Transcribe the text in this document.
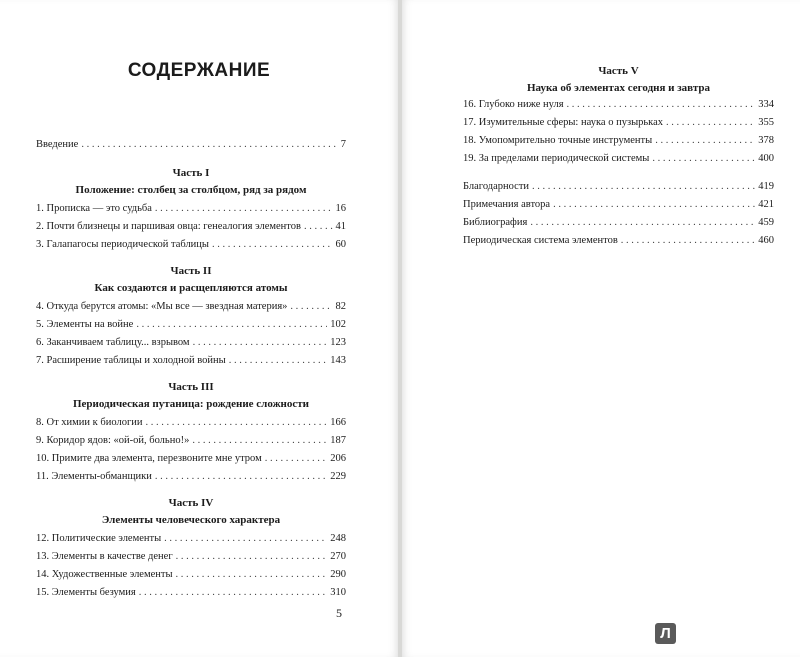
СОДЕРЖАНИЕ
Введение . . .	7
Часть I
Положение: столбец за столбцом, ряд за рядом
1. Прописка — это судьба . . .	16
2. Почти близнецы и паршивая овца: генеалогия элементов . . .	41
3. Галапагосы периодической таблицы . . .	60
Часть II
Как создаются и расщепляются атомы
4. Откуда берутся атомы: «Мы все — звездная материя» . . .	82
5. Элементы на войне . . .	102
6. Заканчиваем таблицу... взрывом . . .	123
7. Расширение таблицы и холодной войны . . .	143
Часть III
Периодическая путаница: рождение сложности
8. От химии к биологии . . .	166
9. Коридор ядов: «ой-ой, больно!» . . .	187
10. Примите два элемента, перезвоните мне утром . . .	206
11. Элементы-обманщики . . .	229
Часть IV
Элементы человеческого характера
12. Политические элементы . . .	248
13. Элементы в качестве денег . . .	270
14. Художественные элементы . . .	290
15. Элементы безумия . . .	310
5
Часть V
Наука об элементах сегодня и завтра
16. Глубоко ниже нуля . . .	334
17. Изумительные сферы: наука о пузырьках . . .	355
18. Умопомрительно точные инструменты . . .	378
19. За пределами периодической системы . . .	400
Благодарности . . .	419
Примечания автора . . .	421
Библиография . . .	459
Периодическая система элементов . . .	460
Л
